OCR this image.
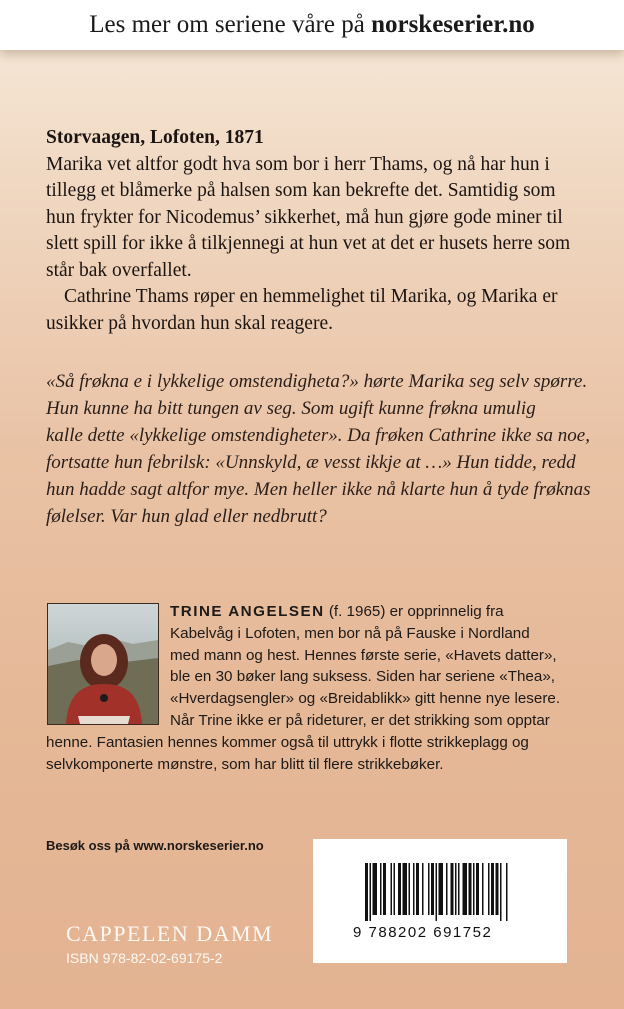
Les mer om seriene våre på norskeserier.no

Storvaagen, Lofoten, 1871
Marika vet altfor godt hva som bor i herr Thams, og nå har hun i tillegg et blåmerke på halsen som kan bekrefte det. Samtidig som hun frykter for Nicodemus’ sikkerhet, må hun gjøre gode miner til slett spill for ikke å tilkjennegi at hun vet at det er husets herre som står bak overfallet.

Cathrine Thams røper en hemmelighet til Marika, og Marika er usikker på hvordan hun skal reagere.

«Så frøkna e i lykkelige omstendigheta?» hørte Marika seg selv spørre.
Hun kunne ha bitt tungen av seg. Som ugift kunne frøkna umulig
kalle dette «lykkelige omstendigheter». Da frøken Cathrine ikke sa noe,
fortsatte hun febrilsk: «Unnskyld, æ vesst ikkje at …» Hun tidde, redd
hun hadde sagt altfor mye. Men heller ikke nå klarte hun å tyde frøknas
følelser. Var hun glad eller nedbrutt?
TRINE ANGELSEN (f. 1965) er opprinnelig fra
Kabelvåg i Lofoten, men bor nå på Fauske i Nordland
med mann og hest. Hennes første serie, «Havets datter»,
ble en 30 bøker lang suksess. Siden har seriene «Thea»,
«Hverdagsengler» og «Breidablikk» gitt henne nye lesere.
Når Trine ikke er på rideturer, er det strikking som opptar
henne. Fantasien hennes kommer også til uttrykk i flotte strikkeplagg og
selvkomponerte mønstre, som har blitt til flere strikkebøker.
Besøk oss på www.norskeserier.no
CAPPELEN DAMM
ISBN 978-82-02-69175-2
9 788202 691752
